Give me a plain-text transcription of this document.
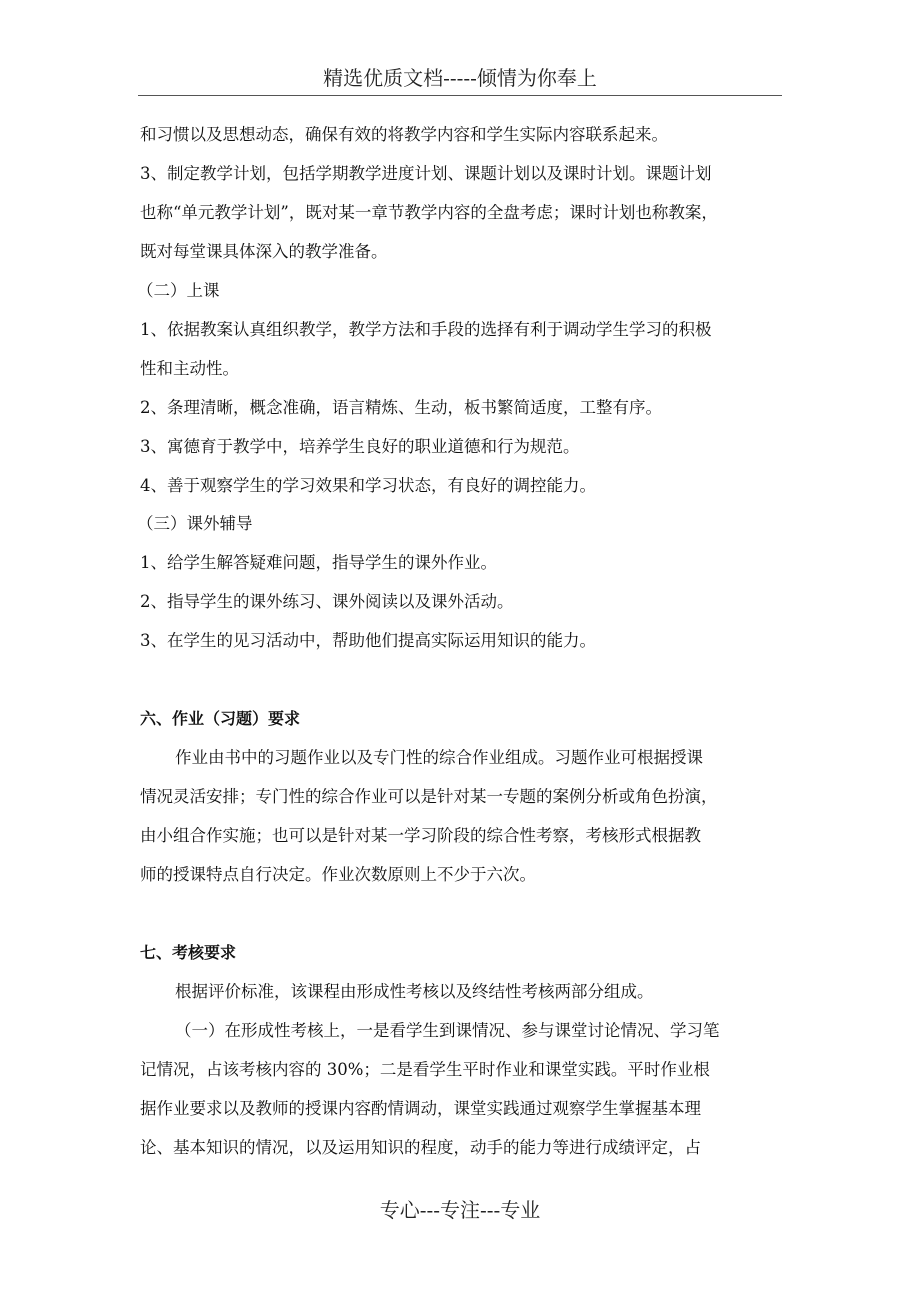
精选优质文档-----倾情为你奉上
和习惯以及思想动态，确保有效的将教学内容和学生实际内容联系起来。
3、制定教学计划，包括学期教学进度计划、课题计划以及课时计划。课题计划
也称“单元教学计划”，既对某一章节教学内容的全盘考虑；课时计划也称教案，
既对每堂课具体深入的教学准备。
（二）上课
1、依据教案认真组织教学，教学方法和手段的选择有利于调动学生学习的积极
性和主动性。
2、条理清晰，概念准确，语言精炼、生动，板书繁简适度，工整有序。
3、寓德育于教学中，培养学生良好的职业道德和行为规范。
4、善于观察学生的学习效果和学习状态，有良好的调控能力。
（三）课外辅导
1、给学生解答疑难问题，指导学生的课外作业。
2、指导学生的课外练习、课外阅读以及课外活动。
3、在学生的见习活动中，帮助他们提高实际运用知识的能力。
六、作业（习题）要求
作业由书中的习题作业以及专门性的综合作业组成。习题作业可根据授课
情况灵活安排；专门性的综合作业可以是针对某一专题的案例分析或角色扮演，
由小组合作实施；也可以是针对某一学习阶段的综合性考察，考核形式根据教
师的授课特点自行决定。作业次数原则上不少于六次。
七、考核要求
根据评价标准，该课程由形成性考核以及终结性考核两部分组成。
（一）在形成性考核上，一是看学生到课情况、参与课堂讨论情况、学习笔
记情况，占该考核内容的 30%；二是看学生平时作业和课堂实践。平时作业根
据作业要求以及教师的授课内容酌情调动，课堂实践通过观察学生掌握基本理
论、基本知识的情况，以及运用知识的程度，动手的能力等进行成绩评定，占
专心---专注---专业
